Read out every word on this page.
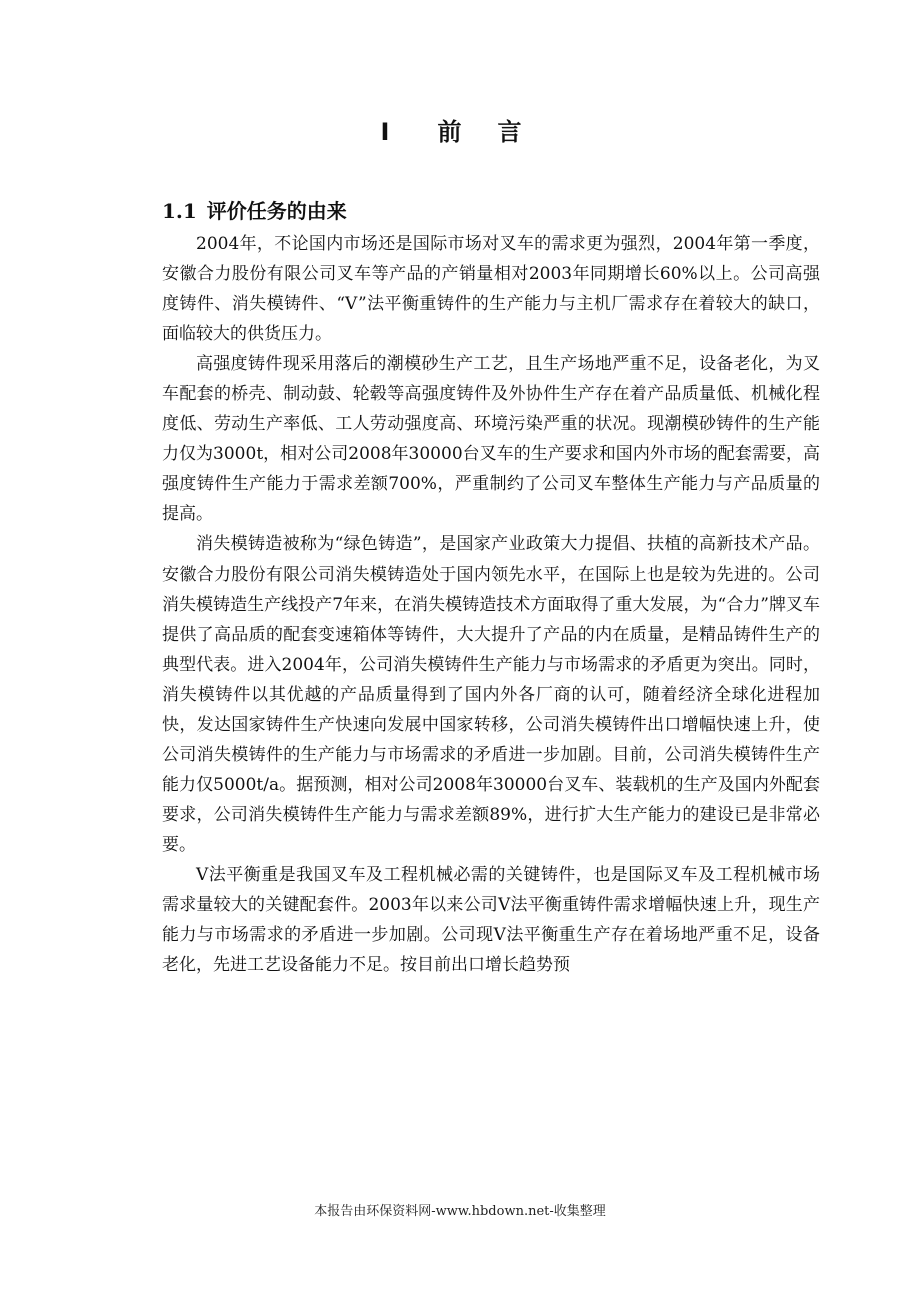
I 前 言
1.1 评价任务的由来

2004年，不论国内市场还是国际市场对叉车的需求更为强烈，2004年第一季度，安徽合力股份有限公司叉车等产品的产销量相对2003年同期增长60%以上。公司高强度铸件、消失模铸件、“V”法平衡重铸件的生产能力与主机厂需求存在着较大的缺口，面临较大的供货压力。

高强度铸件现采用落后的潮模砂生产工艺，且生产场地严重不足，设备老化，为叉车配套的桥壳、制动鼓、轮毂等高强度铸件及外协件生产存在着产品质量低、机械化程度低、劳动生产率低、工人劳动强度高、环境污染严重的状况。现潮模砂铸件的生产能力仅为3000t，相对公司2008年30000台叉车的生产要求和国内外市场的配套需要，高强度铸件生产能力于需求差额700%，严重制约了公司叉车整体生产能力与产品质量的提高。

消失模铸造被称为“绿色铸造”，是国家产业政策大力提倡、扶植的高新技术产品。安徽合力股份有限公司消失模铸造处于国内领先水平，在国际上也是较为先进的。公司消失模铸造生产线投产7年来，在消失模铸造技术方面取得了重大发展，为“合力”牌叉车提供了高品质的配套变速箱体等铸件，大大提升了产品的内在质量，是精品铸件生产的典型代表。进入2004年，公司消失模铸件生产能力与市场需求的矛盾更为突出。同时，消失模铸件以其优越的产品质量得到了国内外各厂商的认可，随着经济全球化进程加快，发达国家铸件生产快速向发展中国家转移，公司消失模铸件出口增幅快速上升，使公司消失模铸件的生产能力与市场需求的矛盾进一步加剧。目前，公司消失模铸件生产能力仅5000t/a。据预测，相对公司2008年30000台叉车、装载机的生产及国内外配套要求，公司消失模铸件生产能力与需求差额89%，进行扩大生产能力的建设已是非常必要。

V法平衡重是我国叉车及工程机械必需的关键铸件，也是国际叉车及工程机械市场需求量较大的关键配套件。2003年以来公司V法平衡重铸件需求增幅快速上升，现生产能力与市场需求的矛盾进一步加剧。公司现V法平衡重生产存在着场地严重不足，设备老化，先进工艺设备能力不足。按目前出口增长趋势预

本报告由环保资料网-www.hbdown.net-收集整理
